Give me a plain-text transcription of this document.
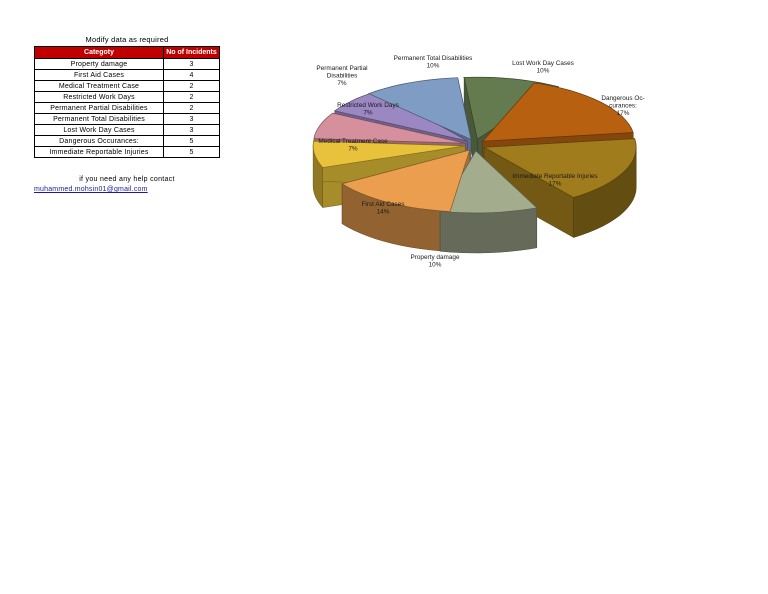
Modify data as required
Categoty	No of Incidents
Property damage	3
First Aid Cases	4
Medical Treatment Case	2
Restricted Work Days	2
Permanent Partial Disabilities	2
Permanent Total Disabilities	3
Lost Work Day Cases	3
Dangerous Occurances:	5
Immediate Reportable Injuries	5
if you need any help contact
muhammed.mohsin01@gmail.com
Property damage 10%
First Aid Cases 14%
Medical Treatment Case 7%
Restricted Work Days 7%
Permanent Partial Disabilities 7%
Permanent Total Disabilities 10%	Lost Work Day Cases 10%
Dangerous Oc-curances: 17%
Immediate Reportable Injuries 17%
